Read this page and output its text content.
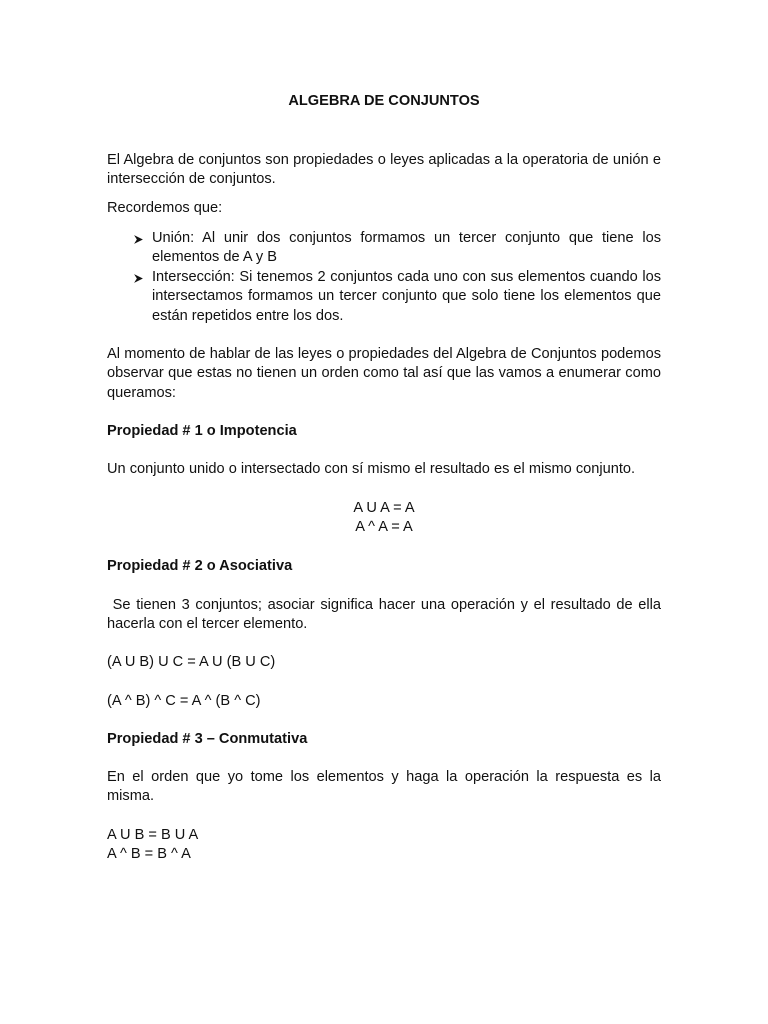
ALGEBRA DE CONJUNTOS

El Algebra de conjuntos son propiedades o leyes aplicadas a la operatoria de unión e intersección de conjuntos.

Recordemos que:

Unión: Al unir dos conjuntos formamos un tercer conjunto que tiene los elementos de A y B
Intersección: Si tenemos 2 conjuntos cada uno con sus elementos cuando los intersectamos formamos un tercer conjunto que solo tiene los elementos que están repetidos entre los dos.

Al momento de hablar de las leyes o propiedades del Algebra de Conjuntos podemos observar que estas no tienen un orden como tal así que las vamos a enumerar como queramos:

Propiedad # 1 o Impotencia

Un conjunto unido o intersectado con sí mismo el resultado es el mismo conjunto.

A U A = A
A ^ A = A
Propiedad # 2 o Asociativa

Se tienen 3 conjuntos; asociar significa hacer una operación y el resultado de ella hacerla con el tercer elemento.

(A U B) U C = A U (B U C)

(A ^ B) ^ C = A ^ (B ^ C)

Propiedad # 3 – Conmutativa

En el orden que yo tome los elementos y haga la operación la respuesta es la misma.

A U B = B U A
A ^ B = B ^ A
